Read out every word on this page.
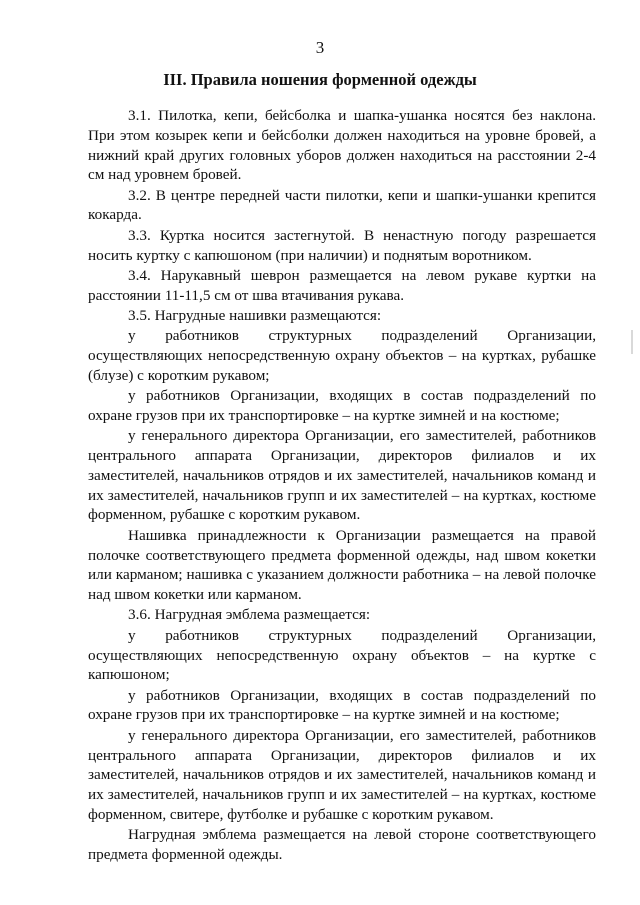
3
III. Правила ношения форменной одежды

3.1. Пилотка, кепи, бейсболка и шапка-ушанка носятся без наклона. При этом козырек кепи и бейсболки должен находиться на уровне бровей, а нижний край других головных уборов должен находиться на расстоянии 2-4 см над уровнем бровей.

3.2. В центре передней части пилотки, кепи и шапки-ушанки крепится кокарда.

3.3. Куртка носится застегнутой. В ненастную погоду разрешается носить куртку с капюшоном (при наличии) и поднятым воротником.

3.4. Нарукавный шеврон размещается на левом рукаве куртки на расстоянии 11-11,5 см от шва втачивания рукава.

3.5. Нагрудные нашивки размещаются:

у работников структурных подразделений Организации, осуществляющих непосредственную охрану объектов – на куртках, рубашке (блузе) с коротким рукавом;

у работников Организации, входящих в состав подразделений по охране грузов при их транспортировке – на куртке зимней и на костюме;

у генерального директора Организации, его заместителей, работников центрального аппарата Организации, директоров филиалов и их заместителей, начальников отрядов и их заместителей, начальников команд и их заместителей, начальников групп и их заместителей – на куртках, костюме форменном, рубашке с коротким рукавом.

Нашивка принадлежности к Организации размещается на правой полочке соответствующего предмета форменной одежды, над швом кокетки или карманом; нашивка с указанием должности работника – на левой полочке над швом кокетки или карманом.

3.6. Нагрудная эмблема размещается:

у работников структурных подразделений Организации, осуществляющих непосредственную охрану объектов – на куртке с капюшоном;

у работников Организации, входящих в состав подразделений по охране грузов при их транспортировке – на куртке зимней и на костюме;

у генерального директора Организации, его заместителей, работников центрального аппарата Организации, директоров филиалов и их заместителей, начальников отрядов и их заместителей, начальников команд и их заместителей, начальников групп и их заместителей – на куртках, костюме форменном, свитере, футболке и рубашке с коротким рукавом.

Нагрудная эмблема размещается на левой стороне соответствующего предмета форменной одежды.
